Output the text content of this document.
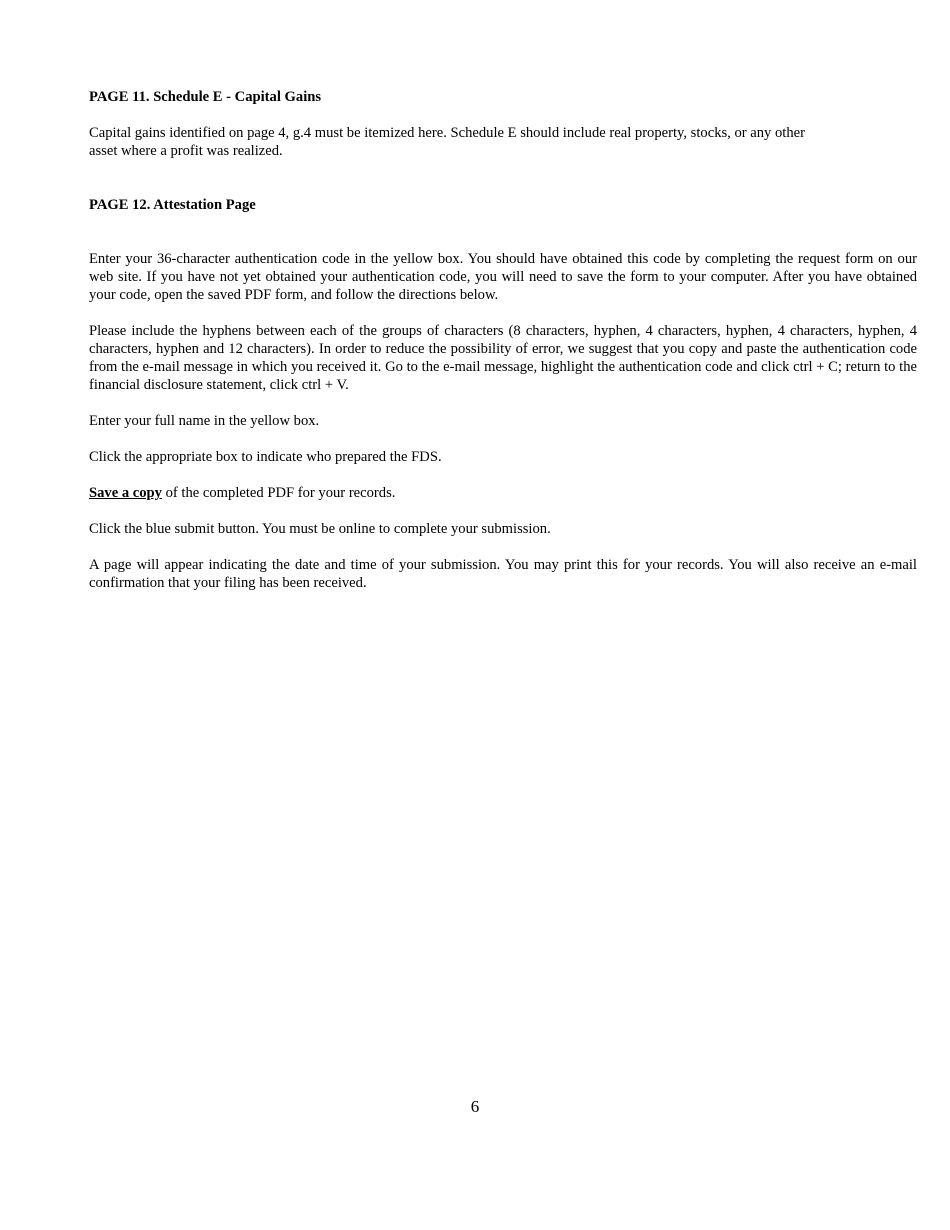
PAGE 11. Schedule E - Capital Gains

Capital gains identified on page 4, g.4 must be itemized here. Schedule E should include real property, stocks, or any other
asset where a profit was realized.

PAGE 12. Attestation Page

Enter your 36-character authentication code in the yellow box. You should have obtained this code by completing the request form on our web site. If you have not yet obtained your authentication code, you will need to save the form to your computer. After you have obtained your code, open the saved PDF form, and follow the directions below.

Please include the hyphens between each of the groups of characters (8 characters, hyphen, 4 characters, hyphen, 4 characters, hyphen, 4 characters, hyphen and 12 characters). In order to reduce the possibility of error, we suggest that you copy and paste the authentication code from the e-mail message in which you received it. Go to the e-mail message, highlight the authentication code and click ctrl + C; return to the financial disclosure statement, click ctrl + V.

Enter your full name in the yellow box.

Click the appropriate box to indicate who prepared the FDS.

Save a copy of the completed PDF for your records.

Click the blue submit button. You must be online to complete your submission.

A page will appear indicating the date and time of your submission. You may print this for your records. You will also receive an e-mail confirmation that your filing has been received.

6
